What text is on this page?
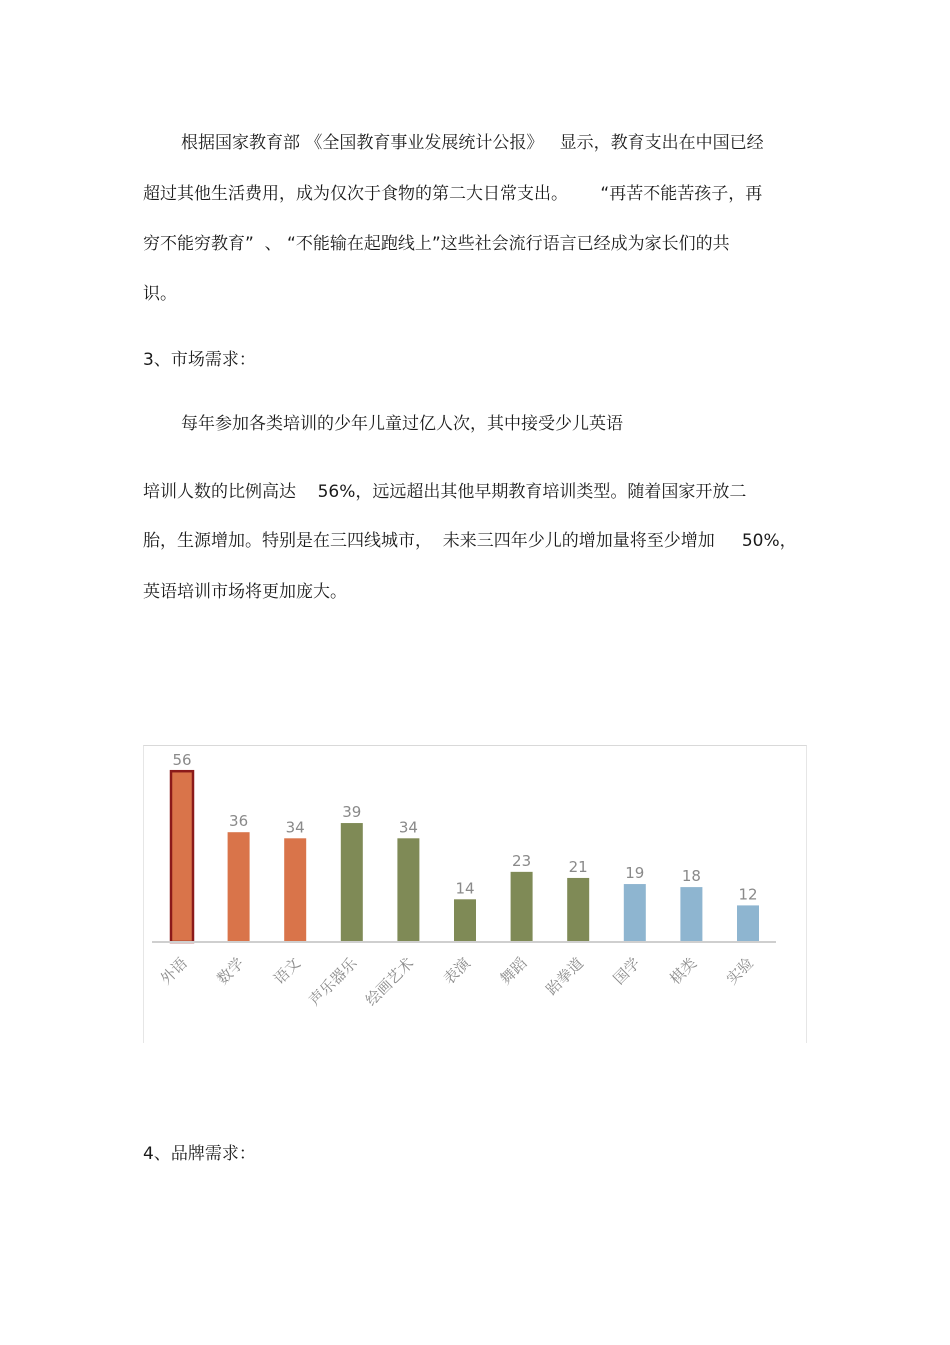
根据国家教育部 《全国教育事业发展统计公报》   显示，教育支出在中国已经
超过其他生活费用，成为仅次于食物的第二大日常支出。      “再苦不能苦孩子，再
穷不能穷教育”  、 “不能输在起跑线上”这些社会流行语言已经成为家长们的共
识。
3、市场需求：
每年参加各类培训的少年儿童过亿人次，其中接受少儿英语
培训人数的比例高达    56%，远远超出其他早期教育培训类型。随着国家开放二
胎，生源增加。特别是在三四线城市，  未来三四年少儿的增加量将至少增加     50%，
英语培训市场将更加庞大。
56
外语
36
数学
34
语文
39
声乐器乐
34
绘画艺术
14
表演
23
舞蹈
21
跆拳道
19
国学
18
棋类
12
实验
4、品牌需求：
